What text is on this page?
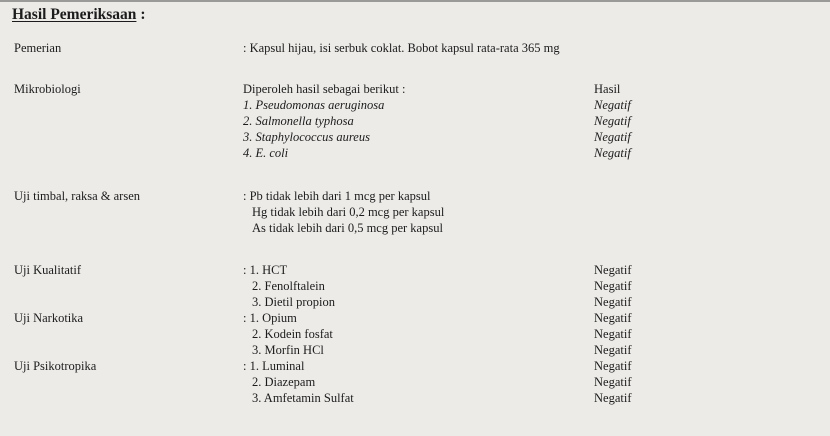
Hasil Pemeriksaan :
Pemerian	: Kapsul hijau, isi serbuk coklat. Bobot kapsul rata-rata 365 mg
Mikrobiologi	Diperoleh hasil sebagai berikut :	Hasil
1. Pseudomonas aeruginosa	Negatif
2. Salmonella typhosa	Negatif
3. Staphylococcus aureus	Negatif
4. E. coli	Negatif
Uji timbal, raksa & arsen	: Pb tidak lebih dari 1 mcg per kapsul
Hg tidak lebih dari 0,2 mcg per kapsul
As tidak lebih dari 0,5 mcg per kapsul
Uji Kualitatif	: 1. HCT	Negatif
2. Fenolftalein	Negatif
3. Dietil propion	Negatif
Uji Narkotika	: 1. Opium	Negatif
2. Kodein fosfat	Negatif
3. Morfin HCl	Negatif
Uji Psikotropika	: 1. Luminal	Negatif
2. Diazepam	Negatif
3. Amfetamin Sulfat	Negatif
